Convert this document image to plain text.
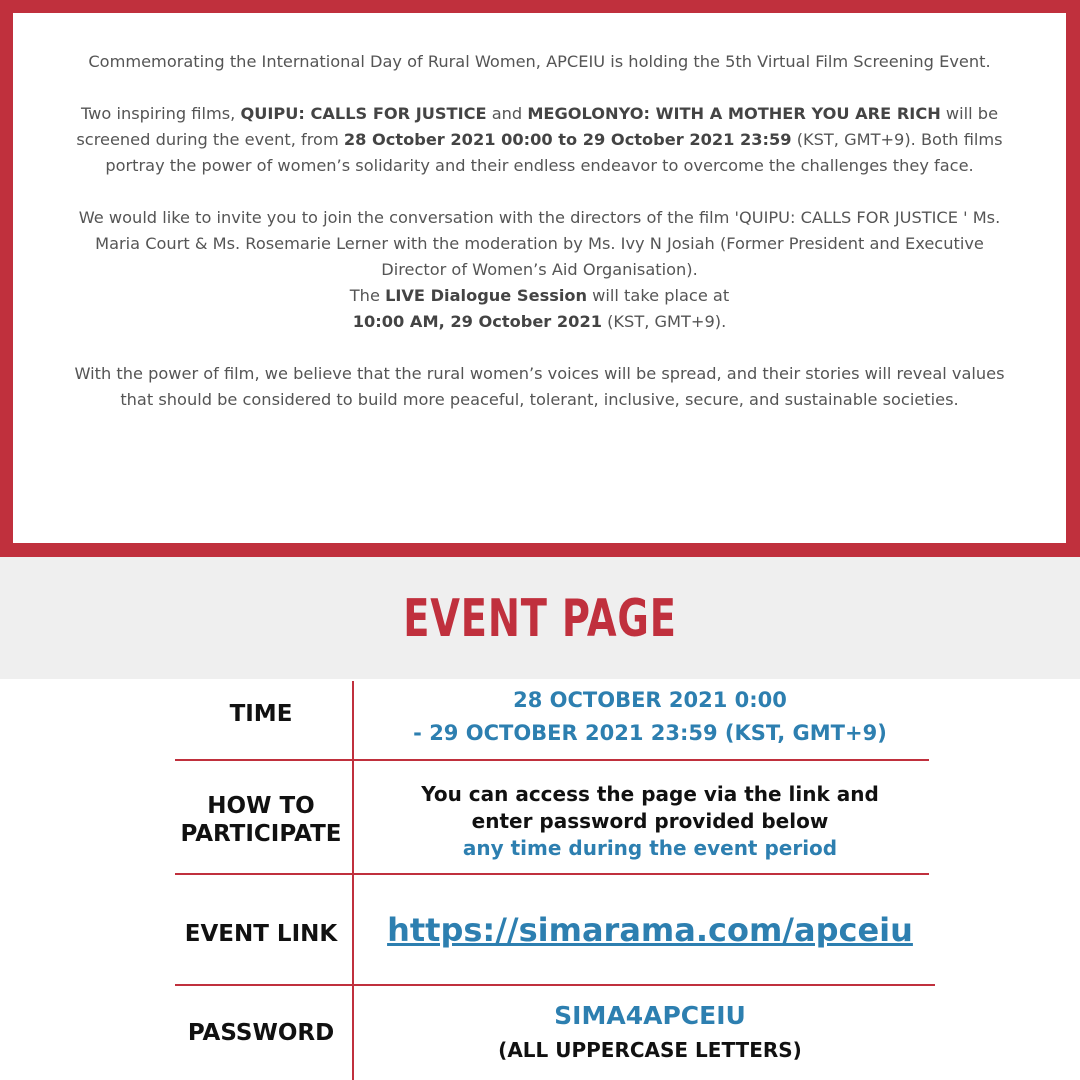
Commemorating the International Day of Rural Women, APCEIU is holding the 5th Virtual Film Screening Event.

Two inspiring films, QUIPU: CALLS FOR JUSTICE and MEGOLONYO: WITH A MOTHER YOU ARE RICH will be screened during the event, from 28 October 2021 00:00 to 29 October 2021 23:59 (KST, GMT+9). Both films portray the power of women’s solidarity and their endless endeavor to overcome the challenges they face.

We would like to invite you to join the conversation with the directors of the film 'QUIPU: CALLS FOR JUSTICE ' Ms. Maria Court & Ms. Rosemarie Lerner with the moderation by Ms. Ivy N Josiah (Former President and Executive Director of Women’s Aid Organisation).
The LIVE Dialogue Session will take place at
10:00 AM, 29 October 2021 (KST, GMT+9).

With the power of film, we believe that the rural women’s voices will be spread, and their stories will reveal values that should be considered to build more peaceful, tolerant, inclusive, secure, and sustainable societies.

EVENT PAGE
TIME
28 OCTOBER 2021 0:00
- 29 OCTOBER 2021 23:59 (KST, GMT+9)
HOW TO
PARTICIPATE
You can access the page via the link and
enter password provided below
any time during the event period
EVENT LINK	https://simarama.com/apceiu
PASSWORD
SIMA4APCEIU
(ALL UPPERCASE LETTERS)
